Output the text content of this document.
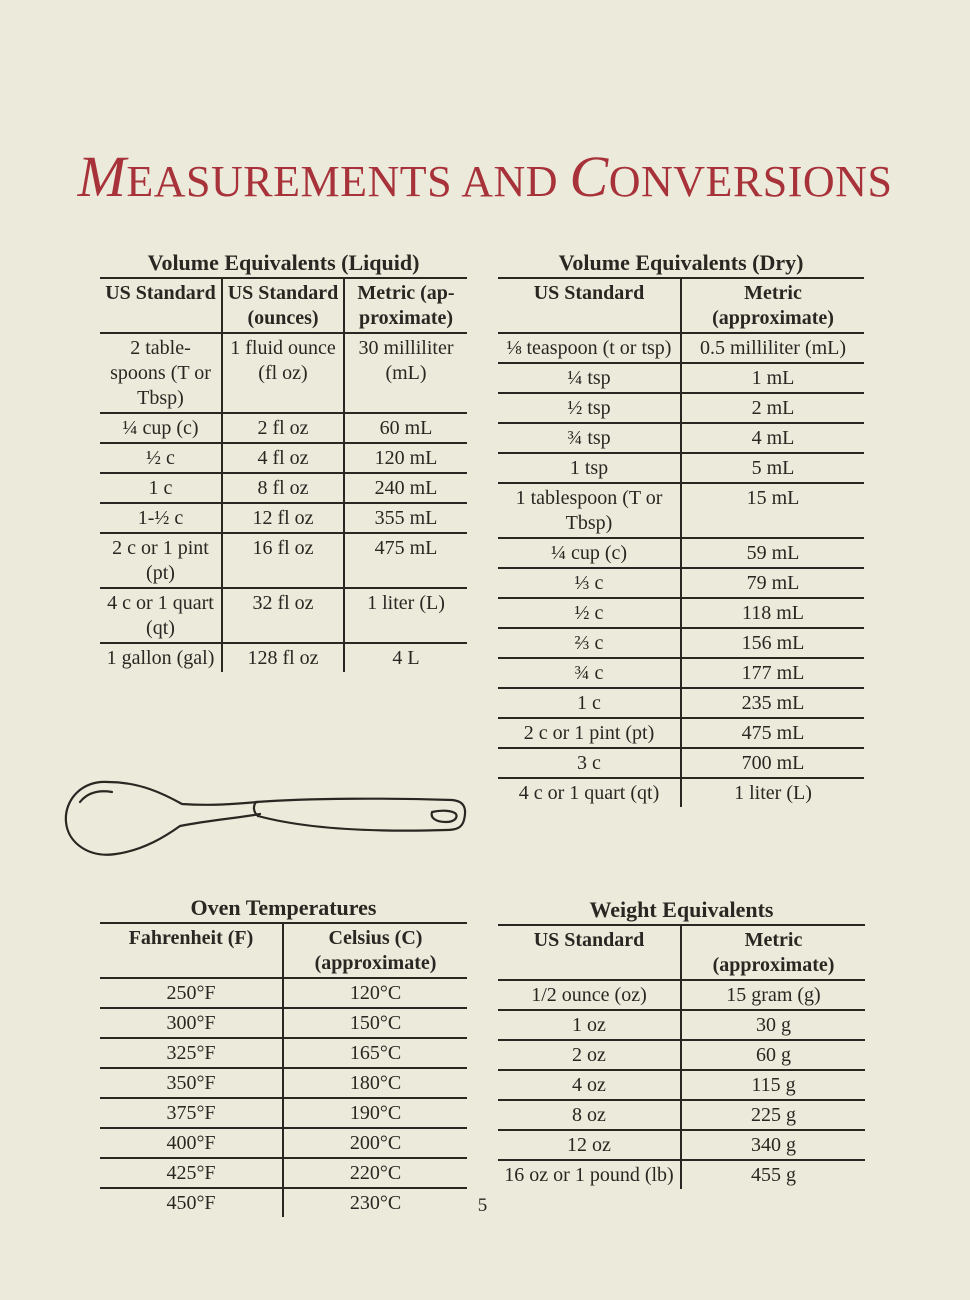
MEASUREMENTS AND CONVERSIONS
Volume Equivalents (Liquid)
US Standard	US Standard (ounces)	Metric (ap-proximate)
2 table-spoons (T or Tbsp)	1 fluid ounce (fl oz)	30 milliliter (mL)
¼ cup (c)	2 fl oz	60 mL
½ c	4 fl oz	120 mL
1 c	8 fl oz	240 mL
1-½ c	12 fl oz	355 mL
2 c or 1 pint (pt)	16 fl oz	475 mL
4 c or 1 quart (qt)	32 fl oz	1 liter (L)
1 gallon (gal)	128 fl oz	4 L
Volume Equivalents (Dry)
US Standard	Metric (approximate)
⅛ teaspoon (t or tsp)	0.5 milliliter (mL)
¼ tsp	1 mL
½ tsp	2 mL
¾ tsp	4 mL
1 tsp	5 mL
1 tablespoon (T or Tbsp)	15 mL
¼ cup (c)	59 mL
⅓ c	79 mL
½ c	118 mL
⅔ c	156 mL
¾ c	177 mL
1 c	235 mL
2 c or 1 pint (pt)	475 mL
3 c	700 mL
4 c or 1 quart (qt)	1 liter (L)
Oven Temperatures
Fahrenheit (F)	Celsius (C) (approximate)
250°F	120°C
300°F	150°C
325°F	165°C
350°F	180°C
375°F	190°C
400°F	200°C
425°F	220°C
450°F	230°C
Weight Equivalents
US Standard	Metric (approximate)
1/2 ounce (oz)	15 gram (g)
1 oz	30 g
2 oz	60 g
4 oz	115 g
8 oz	225 g
12 oz	340 g
16 oz or 1 pound (lb)	455 g
5
